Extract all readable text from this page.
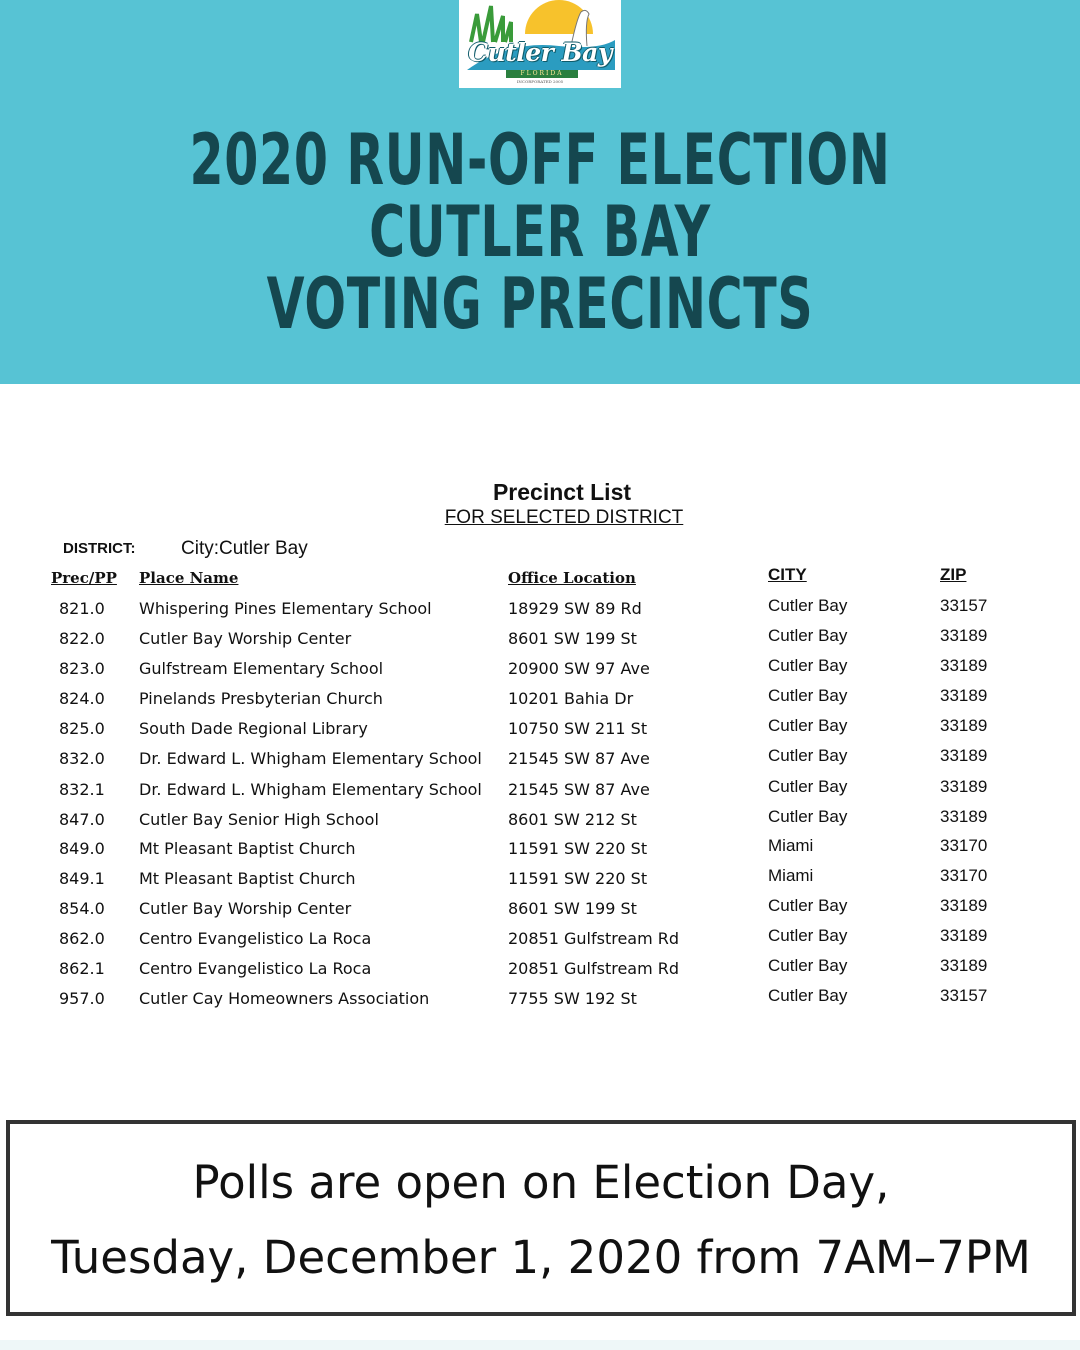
Cutler Bay
FLORIDA
INCORPORATED 2005
2020 RUN-OFF ELECTION
CUTLER BAY
VOTING PRECINCTS
Precinct List
FOR SELECTED DISTRICT
DISTRICT: City:Cutler Bay
Prec/PP Place Name	Office Location	CITY	ZIP
821.0 Whispering Pines Elementary School	18929 SW 89 Rd	Cutler Bay	33157
822.0 Cutler Bay Worship Center	8601 SW 199 St	Cutler Bay	33189
823.0 Gulfstream Elementary School	20900 SW 97 Ave	Cutler Bay	33189
824.0 Pinelands Presbyterian Church	10201 Bahia Dr	Cutler Bay	33189
825.0 South Dade Regional Library	10750 SW 211 St	Cutler Bay	33189
832.0 Dr. Edward L. Whigham Elementary School 21545 SW 87 Ave	Cutler Bay	33189
832.1 Dr. Edward L. Whigham Elementary School 21545 SW 87 Ave	Cutler Bay	33189
847.0 Cutler Bay Senior High School	8601 SW 212 St	Cutler Bay	33189
849.0 Mt Pleasant Baptist Church	11591 SW 220 St	Miami	33170
849.1 Mt Pleasant Baptist Church	11591 SW 220 St	Miami	33170
854.0 Cutler Bay Worship Center	8601 SW 199 St	Cutler Bay	33189
862.0 Centro Evangelistico La Roca	20851 Gulfstream Rd	Cutler Bay	33189
862.1 Centro Evangelistico La Roca	20851 Gulfstream Rd	Cutler Bay	33189
957.0 Cutler Cay Homeowners Association	7755 SW 192 St	Cutler Bay	33157
Polls are open on Election Day,
Tuesday, December 1, 2020 from 7AM–7PM
